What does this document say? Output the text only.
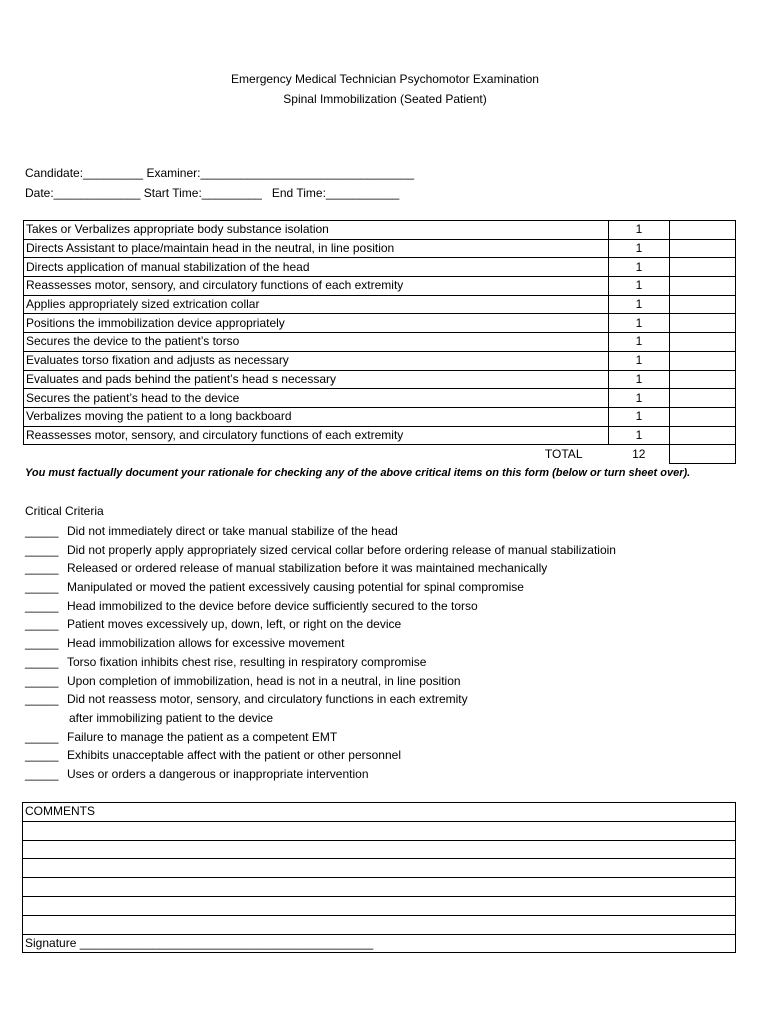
Emergency Medical Technician Psychomotor Examination
Spinal Immobilization (Seated Patient)
Candidate:_________ Examiner:________________________________
Date:_____________ Start Time:_________ End Time:___________
Takes or Verbalizes appropriate body substance isolation	1	
Directs Assistant to place/maintain head in the neutral, in line position	1	
Directs application of manual stabilization of the head	1	
Reassesses motor, sensory, and circulatory functions of each extremity	1	
Applies appropriately sized extrication collar	1	
Positions the immobilization device appropriately	1	
Secures the device to the patient’s torso	1	
Evaluates torso fixation and adjusts as necessary	1	
Evaluates and pads behind the patient’s head s necessary	1	
Secures the patient’s head to the device	1	
Verbalizes moving the patient to a long backboard	1	
Reassesses motor, sensory, and circulatory functions of each extremity	1	
TOTAL	12	
You must factually document your rationale for checking any of the above critical items on this form (below or turn sheet over).
Critical Criteria
_____ Did not immediately direct or take manual stabilize of the head
_____ Did not properly apply appropriately sized cervical collar before ordering release of manual stabilizatioin
_____ Released or ordered release of manual stabilization before it was maintained mechanically
_____ Manipulated or moved the patient excessively causing potential for spinal compromise
_____ Head immobilized to the device before device sufficiently secured to the torso
_____ Patient moves excessively up, down, left, or right on the device
_____ Head immobilization allows for excessive movement
_____ Torso fixation inhibits chest rise, resulting in respiratory compromise
_____ Upon completion of immobilization, head is not in a neutral, in line position
_____ Did not reassess motor, sensory, and circulatory functions in each extremity
after immobilizing patient to the device
_____ Failure to manage the patient as a competent EMT
_____ Exhibits unacceptable affect with the patient or other personnel
_____ Uses or orders a dangerous or inappropriate intervention
COMMENTS

Signature ____________________________________________
